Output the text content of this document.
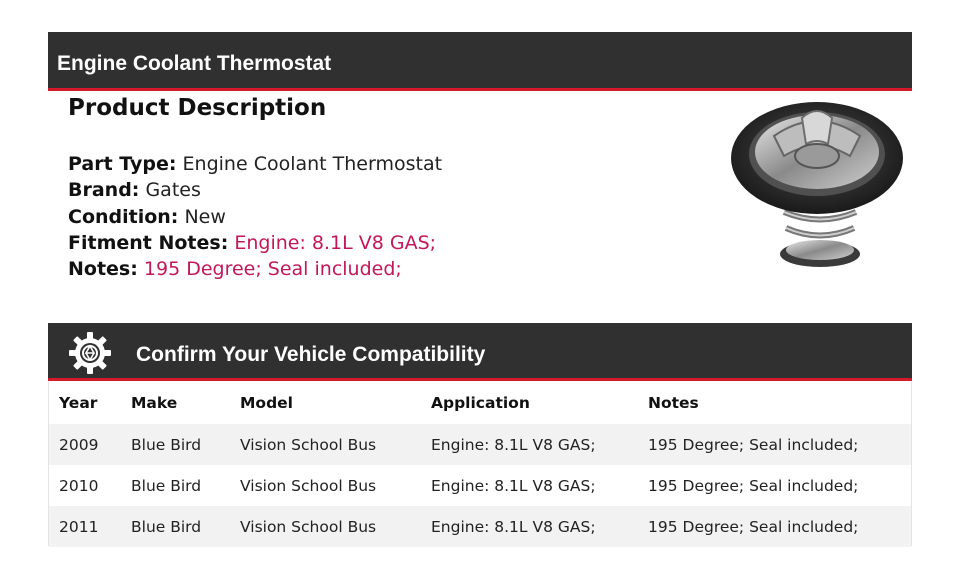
Engine Coolant Thermostat
Product Description
Part Type: Engine Coolant Thermostat
Brand: Gates
Condition: New
Fitment Notes: Engine: 8.1L V8 GAS;
Notes: 195 Degree; Seal included;
Confirm Your Vehicle Compatibility
Year	Make	Model	Application	Notes
2009	Blue Bird	Vision School Bus	Engine: 8.1L V8 GAS;	195 Degree; Seal included;
2010	Blue Bird	Vision School Bus	Engine: 8.1L V8 GAS;	195 Degree; Seal included;
2011	Blue Bird	Vision School Bus	Engine: 8.1L V8 GAS;	195 Degree; Seal included;
